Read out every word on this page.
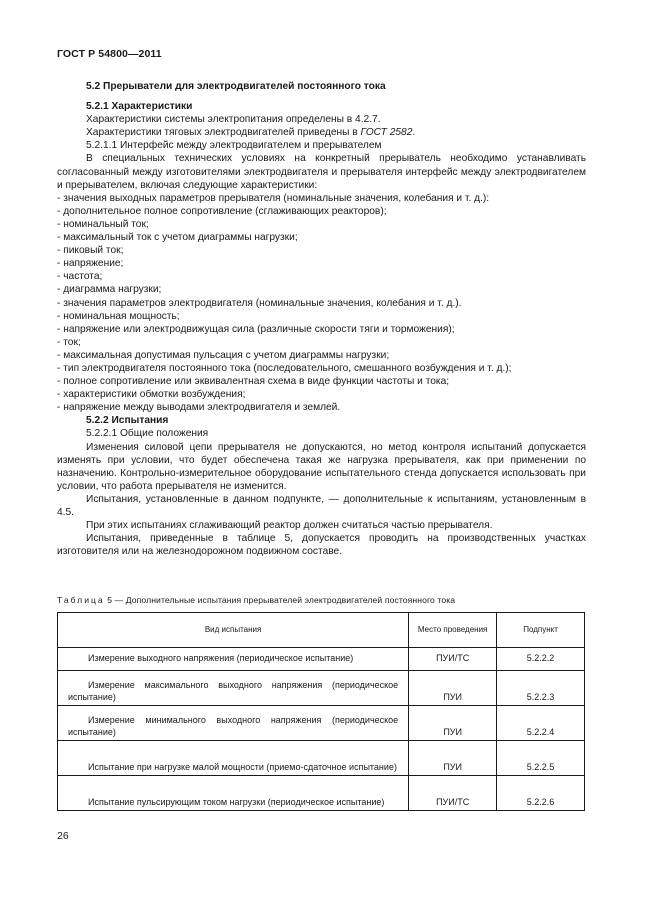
ГОСТ Р 54800—2011

5.2 Прерыватели для электродвигателей постоянного тока

5.2.1 Характеристики

Характеристики системы электропитания определены в 4.2.7.

Характеристики тяговых электродвигателей приведены в ГОСТ 2582.

5.2.1.1 Интерфейс между электродвигателем и прерывателем

В специальных технических условиях на конкретный прерыватель необходимо устанавливать согласованный между изготовителями электродвигателя и прерывателя интерфейс между электродвигателем и прерывателем, включая следующие характеристики:

- значения выходных параметров прерывателя (номинальные значения, колебания и т. д.):
- дополнительное полное сопротивление (сглаживающих реакторов);
- номинальный ток;
- максимальный ток с учетом диаграммы нагрузки;
- пиковый ток;
- напряжение;
- частота;
- диаграмма нагрузки;
- значения параметров электродвигателя (номинальные значения, колебания и т. д.).
- номинальная мощность;
- напряжение или электродвижущая сила (различные скорости тяги и торможения);
- ток;
- максимальная допустимая пульсация с учетом диаграммы нагрузки;
- тип электродвигателя постоянного тока (последовательного, смешанного возбуждения и т. д.);
- полное сопротивление или эквивалентная схема в виде функции частоты и тока;
- характеристики обмотки возбуждения;
- напряжение между выводами электродвигателя и землей.

5.2.2 Испытания

5.2.2.1 Общие положения

Изменения силовой цепи прерывателя не допускаются, но метод контроля испытаний допускается изменять при условии, что будет обеспечена такая же нагрузка прерывателя, как при применении по назначению. Контрольно-измерительное оборудование испытательного стенда допускается использовать при условии, что работа прерывателя не изменится.

Испытания, установленные в данном подпункте, — дополнительные к испытаниям, установленным в 4.5.

При этих испытаниях сглаживающий реактор должен считаться частью прерывателя.

Испытания, приведенные в таблице 5, допускается проводить на производственных участках изготовителя или на железнодорожном подвижном составе.

Таблица 5 — Дополнительные испытания прерывателей электродвигателей постоянного тока
Вид испытания	Место проведения	Подпункт

Измерение выходного напряжения (периодическое испытание)	ПУИ/ТС	5.2.2.2

Измерение максимального выходного напряжения (периодическое испытание)	ПУИ	5.2.2.3

Измерение минимального выходного напряжения (периодическое испытание)	ПУИ	5.2.2.4

Испытание при нагрузке малой мощности (приемо-сдаточное испытание)	ПУИ	5.2.2.5

Испытание пульсирующим током нагрузки (периодическое испытание)	ПУИ/ТС	5.2.2.6
26
